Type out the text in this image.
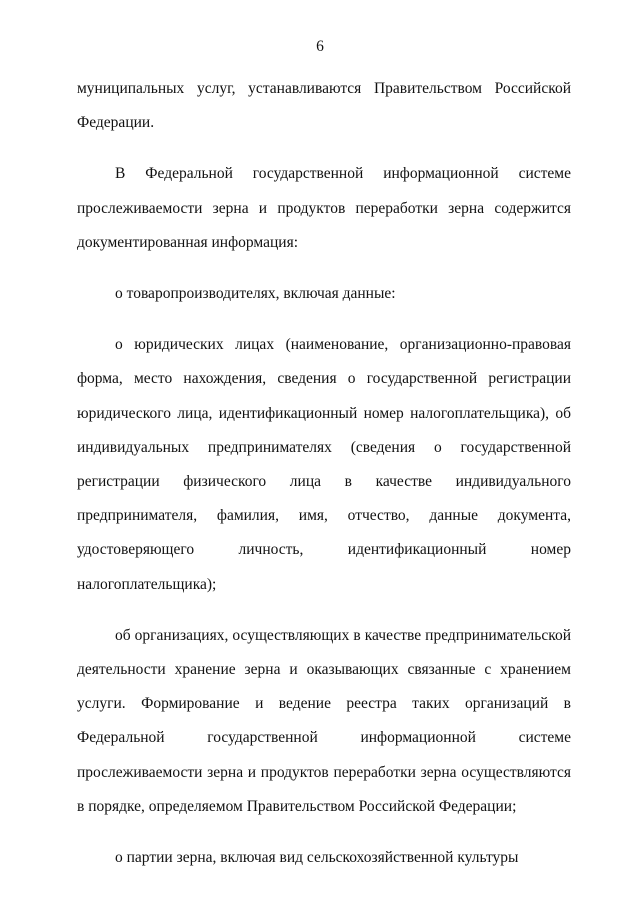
6

муниципальных услуг, устанавливаются Правительством Российской Федерации.

В Федеральной государственной информационной системе прослеживаемости зерна и продуктов переработки зерна содержится документированная информация:

о товаропроизводителях, включая данные:

о юридических лицах (наименование, организационно-правовая форма, место нахождения, сведения о государственной регистрации юридического лица, идентификационный номер налогоплательщика), об индивидуальных предпринимателях (сведения о государственной регистрации физического лица в качестве индивидуального предпринимателя, фамилия, имя, отчество, данные документа, удостоверяющего личность, идентификационный номер налогоплательщика);

об организациях, осуществляющих в качестве предпринимательской деятельности хранение зерна и оказывающих связанные с хранением услуги. Формирование и ведение реестра таких организаций в Федеральной государственной информационной системе прослеживаемости зерна и продуктов переработки зерна осуществляются в порядке, определяемом Правительством Российской Федерации;

о партии зерна, включая вид сельскохозяйственной культуры
